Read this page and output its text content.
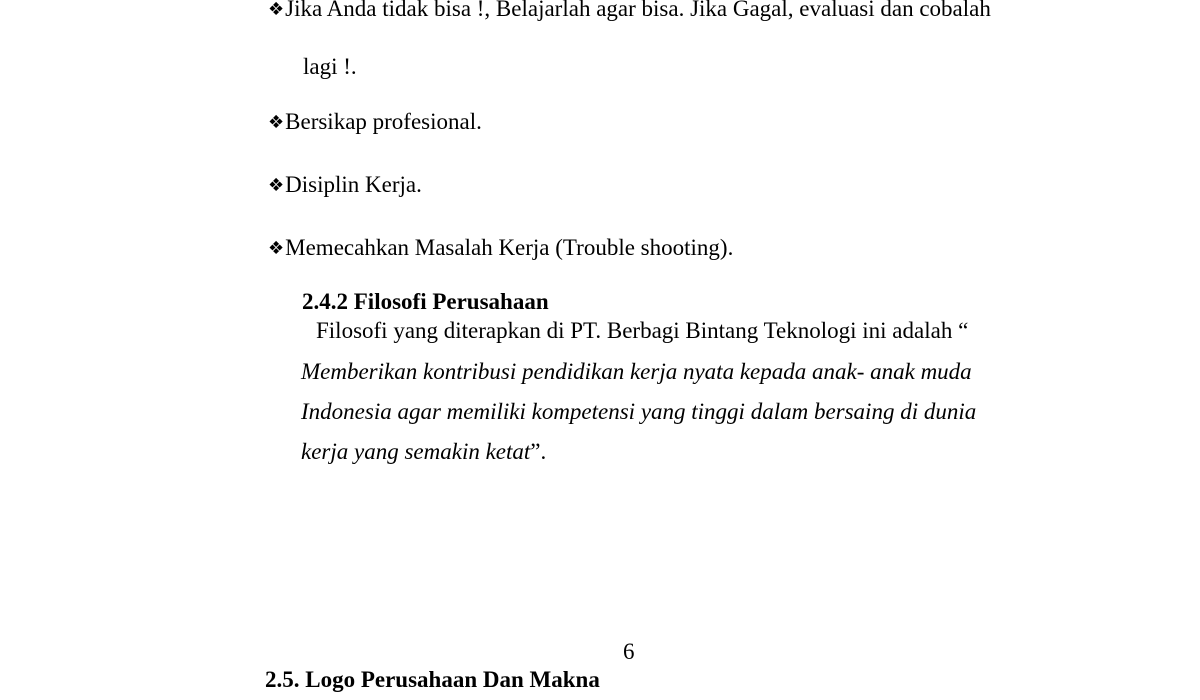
❖Jika Anda tidak bisa !, Belajarlah agar bisa. Jika Gagal, evaluasi dan cobalah
lagi !.
❖Bersikap profesional.
❖Disiplin Kerja.
❖Memecahkan Masalah Kerja (Trouble shooting).
2.4.2 Filosofi Perusahaan
Filosofi yang diterapkan di PT. Berbagi Bintang Teknologi ini adalah “
Memberikan kontribusi pendidikan kerja nyata kepada anak- anak muda
Indonesia agar memiliki kompetensi yang tinggi dalam bersaing di dunia
kerja yang semakin ketat”.
6
2.5. Logo Perusahaan Dan Makna
